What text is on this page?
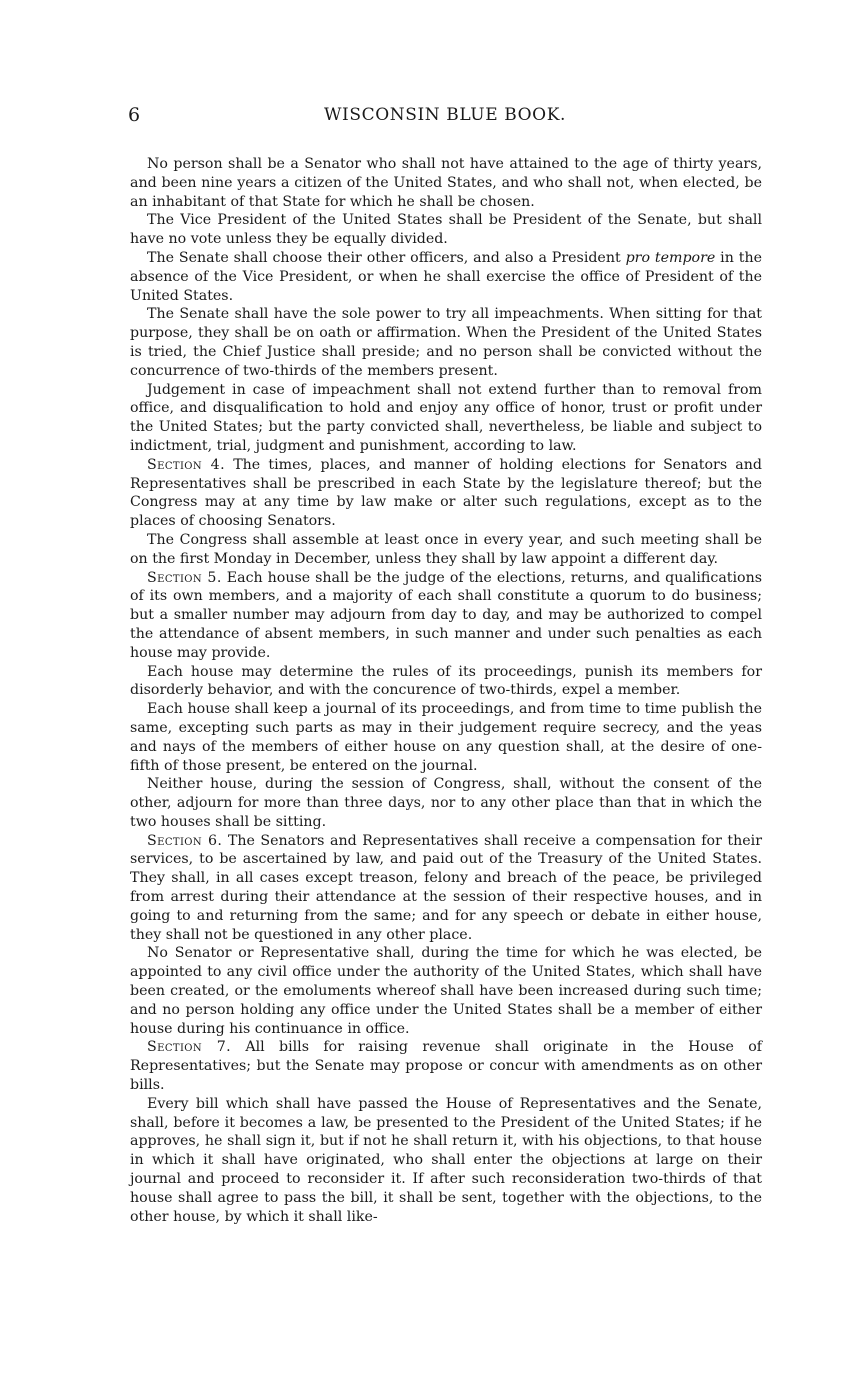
6	WISCONSIN BLUE BOOK.

No person shall be a Senator who shall not have attained to the age of thirty years, and been nine years a citizen of the United States, and who shall not, when elected, be an inhabitant of that State for which he shall be chosen.

The Vice President of the United States shall be President of the Senate, but shall have no vote unless they be equally divided.

The Senate shall choose their other officers, and also a President pro tempore in the absence of the Vice President, or when he shall exercise the office of President of the United States.

The Senate shall have the sole power to try all impeachments. When sitting for that purpose, they shall be on oath or affirmation. When the President of the United States is tried, the Chief Justice shall preside; and no person shall be convicted without the concurrence of two-thirds of the members present.

Judgement in case of impeachment shall not extend further than to removal from office, and disqualification to hold and enjoy any office of honor, trust or profit under the United States; but the party convicted shall, nevertheless, be liable and subject to indictment, trial, judgment and punishment, according to law.

Section 4. The times, places, and manner of holding elections for Senators and Representatives shall be prescribed in each State by the legislature thereof; but the Congress may at any time by law make or alter such regulations, except as to the places of choosing Senators.

The Congress shall assemble at least once in every year, and such meeting shall be on the first Monday in December, unless they shall by law appoint a different day.

Section 5. Each house shall be the judge of the elections, returns, and qualifications of its own members, and a majority of each shall constitute a quorum to do business; but a smaller number may adjourn from day to day, and may be authorized to compel the attendance of absent members, in such manner and under such penalties as each house may provide.

Each house may determine the rules of its proceedings, punish its members for disorderly behavior, and with the concurence of two-thirds, expel a member.

Each house shall keep a journal of its proceedings, and from time to time publish the same, excepting such parts as may in their judgement require secrecy, and the yeas and nays of the members of either house on any question shall, at the desire of one-fifth of those present, be entered on the journal.

Neither house, during the session of Congress, shall, without the consent of the other, adjourn for more than three days, nor to any other place than that in which the two houses shall be sitting.

Section 6. The Senators and Representatives shall receive a compensation for their services, to be ascertained by law, and paid out of the Treasury of the United States. They shall, in all cases except treason, felony and breach of the peace, be privileged from arrest during their attendance at the session of their respective houses, and in going to and returning from the same; and for any speech or debate in either house, they shall not be questioned in any other place.

No Senator or Representative shall, during the time for which he was elected, be appointed to any civil office under the authority of the United States, which shall have been created, or the emoluments whereof shall have been increased during such time; and no person holding any office under the United States shall be a member of either house during his continuance in office.

Section 7. All bills for raising revenue shall originate in the House of Representatives; but the Senate may propose or concur with amendments as on other bills.

Every bill which shall have passed the House of Representatives and the Senate, shall, before it becomes a law, be presented to the President of the United States; if he approves, he shall sign it, but if not he shall return it, with his objections, to that house in which it shall have originated, who shall enter the objections at large on their journal and proceed to reconsider it. If after such reconsideration two-thirds of that house shall agree to pass the bill, it shall be sent, together with the objections, to the other house, by which it shall like-
